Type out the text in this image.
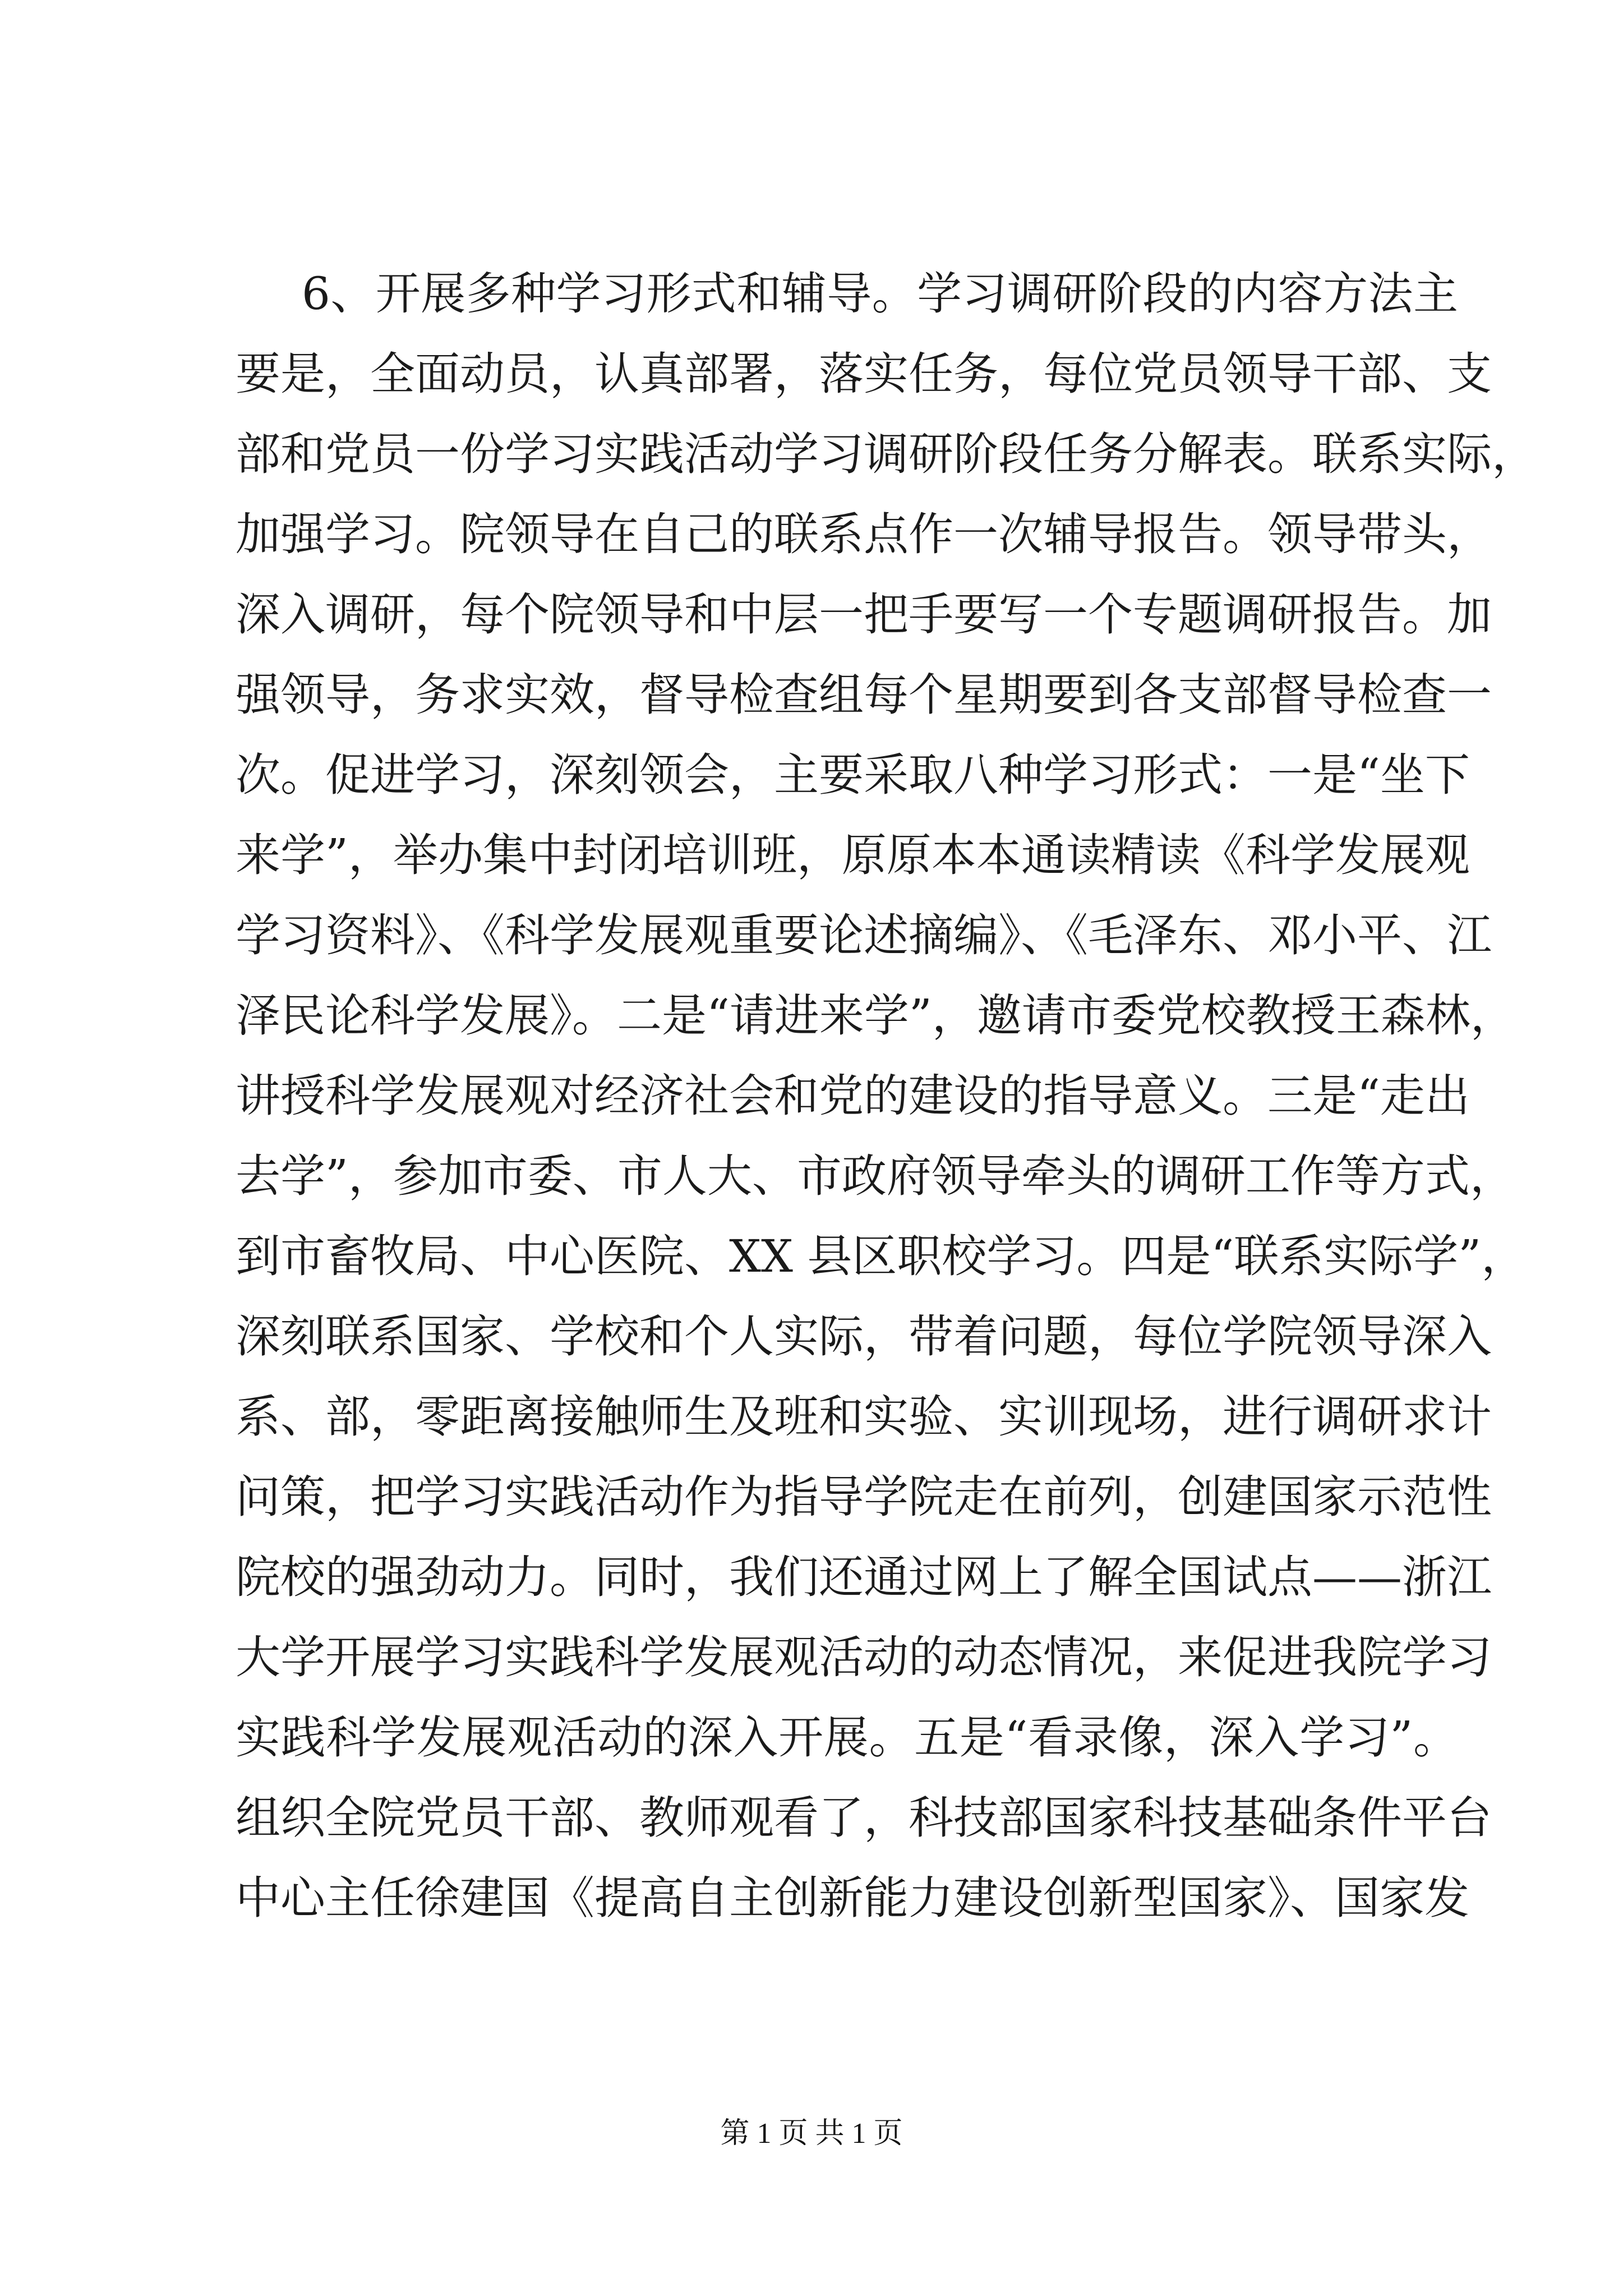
6、开展多种学习形式和辅导。学习调研阶段的内容方法主
要是，全面动员，认真部署，落实任务，每位党员领导干部、支
部和党员一份学习实践活动学习调研阶段任务分解表。联系实际，
加强学习。院领导在自己的联系点作一次辅导报告。领导带头，
深入调研，每个院领导和中层一把手要写一个专题调研报告。加
强领导，务求实效，督导检查组每个星期要到各支部督导检查一
次。促进学习，深刻领会，主要采取八种学习形式：一是“坐下
来学”，举办集中封闭培训班，原原本本通读精读《科学发展观
学习资料》、《科学发展观重要论述摘编》、《毛泽东、邓小平、江
泽民论科学发展》。二是“请进来学”，邀请市委党校教授王森林，
讲授科学发展观对经济社会和党的建设的指导意义。三是“走出
去学”，参加市委、市人大、市政府领导牵头的调研工作等方式，
到市畜牧局、中心医院、XX 县区职校学习。四是“联系实际学”，
深刻联系国家、学校和个人实际，带着问题，每位学院领导深入
系、部，零距离接触师生及班和实验、实训现场，进行调研求计
问策，把学习实践活动作为指导学院走在前列，创建国家示范性
院校的强劲动力。同时，我们还通过网上了解全国试点——浙江
大学开展学习实践科学发展观活动的动态情况，来促进我院学习
实践科学发展观活动的深入开展。五是“看录像，深入学习”。
组织全院党员干部、教师观看了，科技部国家科技基础条件平台
中心主任徐建国《提高自主创新能力建设创新型国家》、国家发
第 1 页 共 1 页
